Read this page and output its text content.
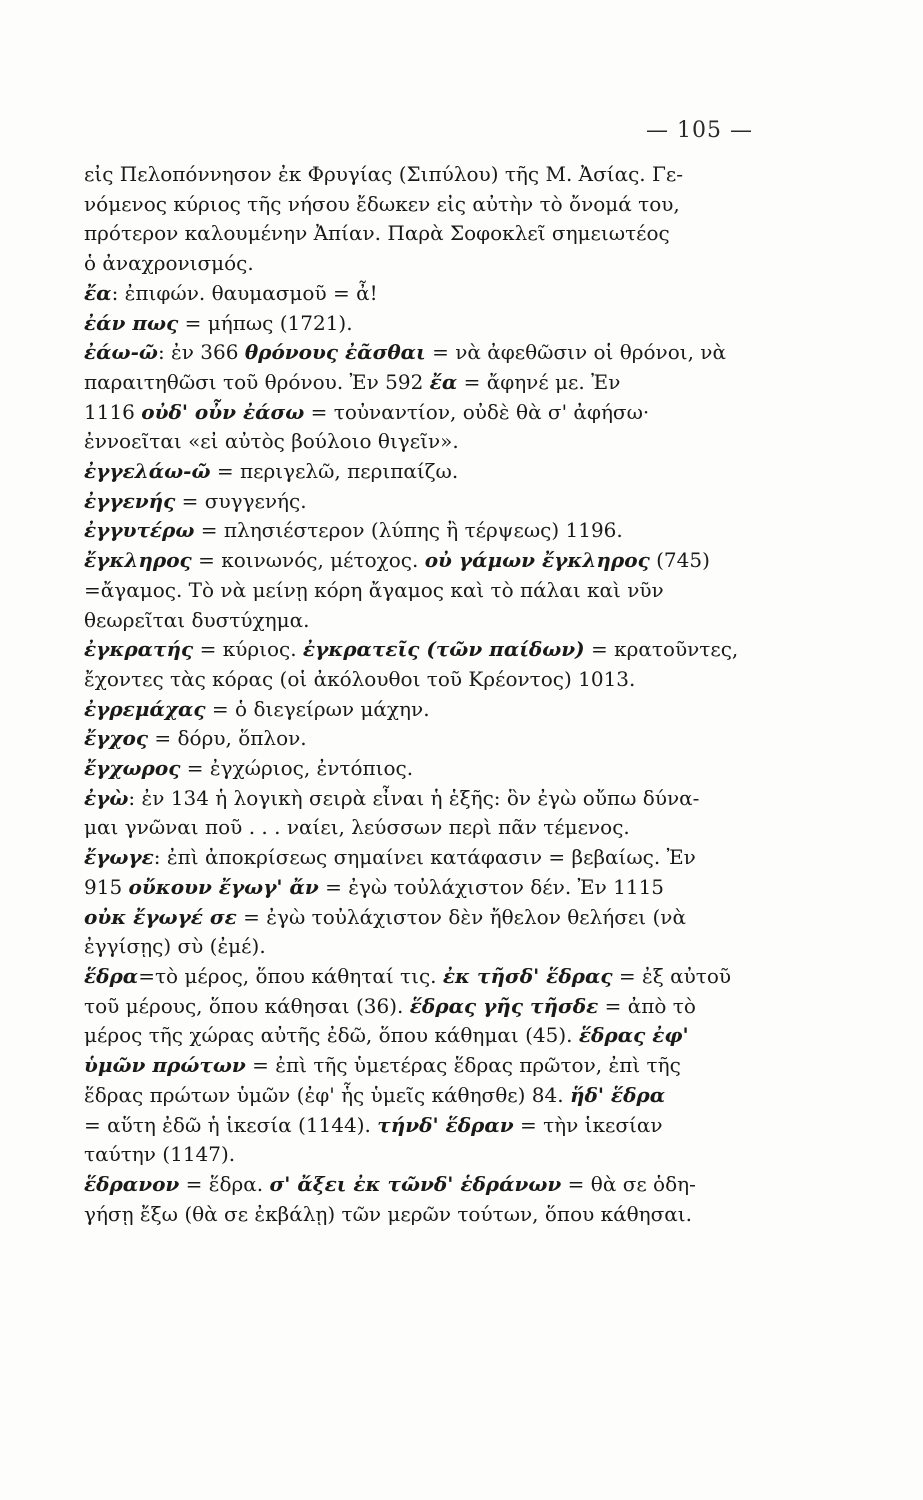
— 105 —
εἰς Πελοπόννησον ἐκ Φρυγίας (Σιπύλου) τῆς Μ. Ἀσίας. Γε-
νόμενος κύριος τῆς νήσου ἔδωκεν εἰς αὐτὴν τὸ ὄνομά του,
πρότερον καλουμένην Ἀπίαν. Παρὰ Σοφοκλεῖ σημειωτέος
ὁ ἀναχρονισμός.
ἔα: ἐπιφών. θαυμασμοῦ = ἆ!
ἐάν πως = μήπως (1721).
ἐάω-ῶ: ἐν 366 θρόνους ἐᾶσθαι = νὰ ἀφεθῶσιν οἱ θρόνοι, νὰ
παραιτηθῶσι τοῦ θρόνου. Ἐν 592 ἔα = ἄφηνέ με. Ἐν
1116 οὐδ' οὖν ἐάσω = τοὐναντίον, οὐδὲ θὰ σ' ἀφήσω·
ἐννοεῖται «εἰ αὐτὸς βούλοιο θιγεῖν».
ἐγγελάω-ῶ = περιγελῶ, περιπαίζω.
ἐγγενής = συγγενής.
ἐγγυτέρω = πλησιέστερον (λύπης ἢ τέρψεως) 1196.
ἔγκληρος = κοινωνός, μέτοχος. οὐ γάμων ἔγκληρος (745)
=ἄγαμος. Τὸ νὰ μείνῃ κόρη ἄγαμος καὶ τὸ πάλαι καὶ νῦν
θεωρεῖται δυστύχημα.
ἐγκρατής = κύριος. ἐγκρατεῖς (τῶν παίδων) = κρατοῦντες,
ἔχοντες τὰς κόρας (οἱ ἀκόλουθοι τοῦ Κρέοντος) 1013.
ἐγρεμάχας = ὁ διεγείρων μάχην.
ἔγχος = δόρυ, ὅπλον.
ἔγχωρος = ἐγχώριος, ἐντόπιος.
ἐγὼ: ἐν 134 ἡ λογικὴ σειρὰ εἶναι ἡ ἑξῆς: ὃν ἐγὼ οὔπω δύνα-
μαι γνῶναι ποῦ . . . ναίει, λεύσσων περὶ πᾶν τέμενος.
ἔγωγε: ἐπὶ ἀποκρίσεως σημαίνει κατάφασιν = βεβαίως. Ἐν
915 οὔκουν ἔγωγ' ἄν = ἐγὼ τοὐλάχιστον δέν. Ἐν 1115
οὐκ ἔγωγέ σε = ἐγὼ τοὐλάχιστον δὲν ἤθελον θελήσει (νὰ
ἐγγίσῃς) σὺ (ἐμέ).
ἕδρα=τὸ μέρος, ὅπου κάθηταί τις. ἐκ τῆσδ' ἕδρας = ἐξ αὐτοῦ
τοῦ μέρους, ὅπου κάθησαι (36). ἕδρας γῆς τῆσδε = ἀπὸ τὸ
μέρος τῆς χώρας αὐτῆς ἐδῶ, ὅπου κάθημαι (45). ἕδρας ἐφ'
ὑμῶν πρώτων = ἐπὶ τῆς ὑμετέρας ἕδρας πρῶτον, ἐπὶ τῆς
ἕδρας πρώτων ὑμῶν (ἐφ' ἧς ὑμεῖς κάθησθε) 84. ἥδ' ἕδρα
= αὕτη ἐδῶ ἡ ἱκεσία (1144). τήνδ' ἕδραν = τὴν ἱκεσίαν
ταύτην (1147).
ἕδρανον = ἕδρα. σ' ἄξει ἐκ τῶνδ' ἑδράνων = θὰ σε ὁδη-
γήσῃ ἔξω (θὰ σε ἐκβάλῃ) τῶν μερῶν τούτων, ὅπου κάθησαι.
